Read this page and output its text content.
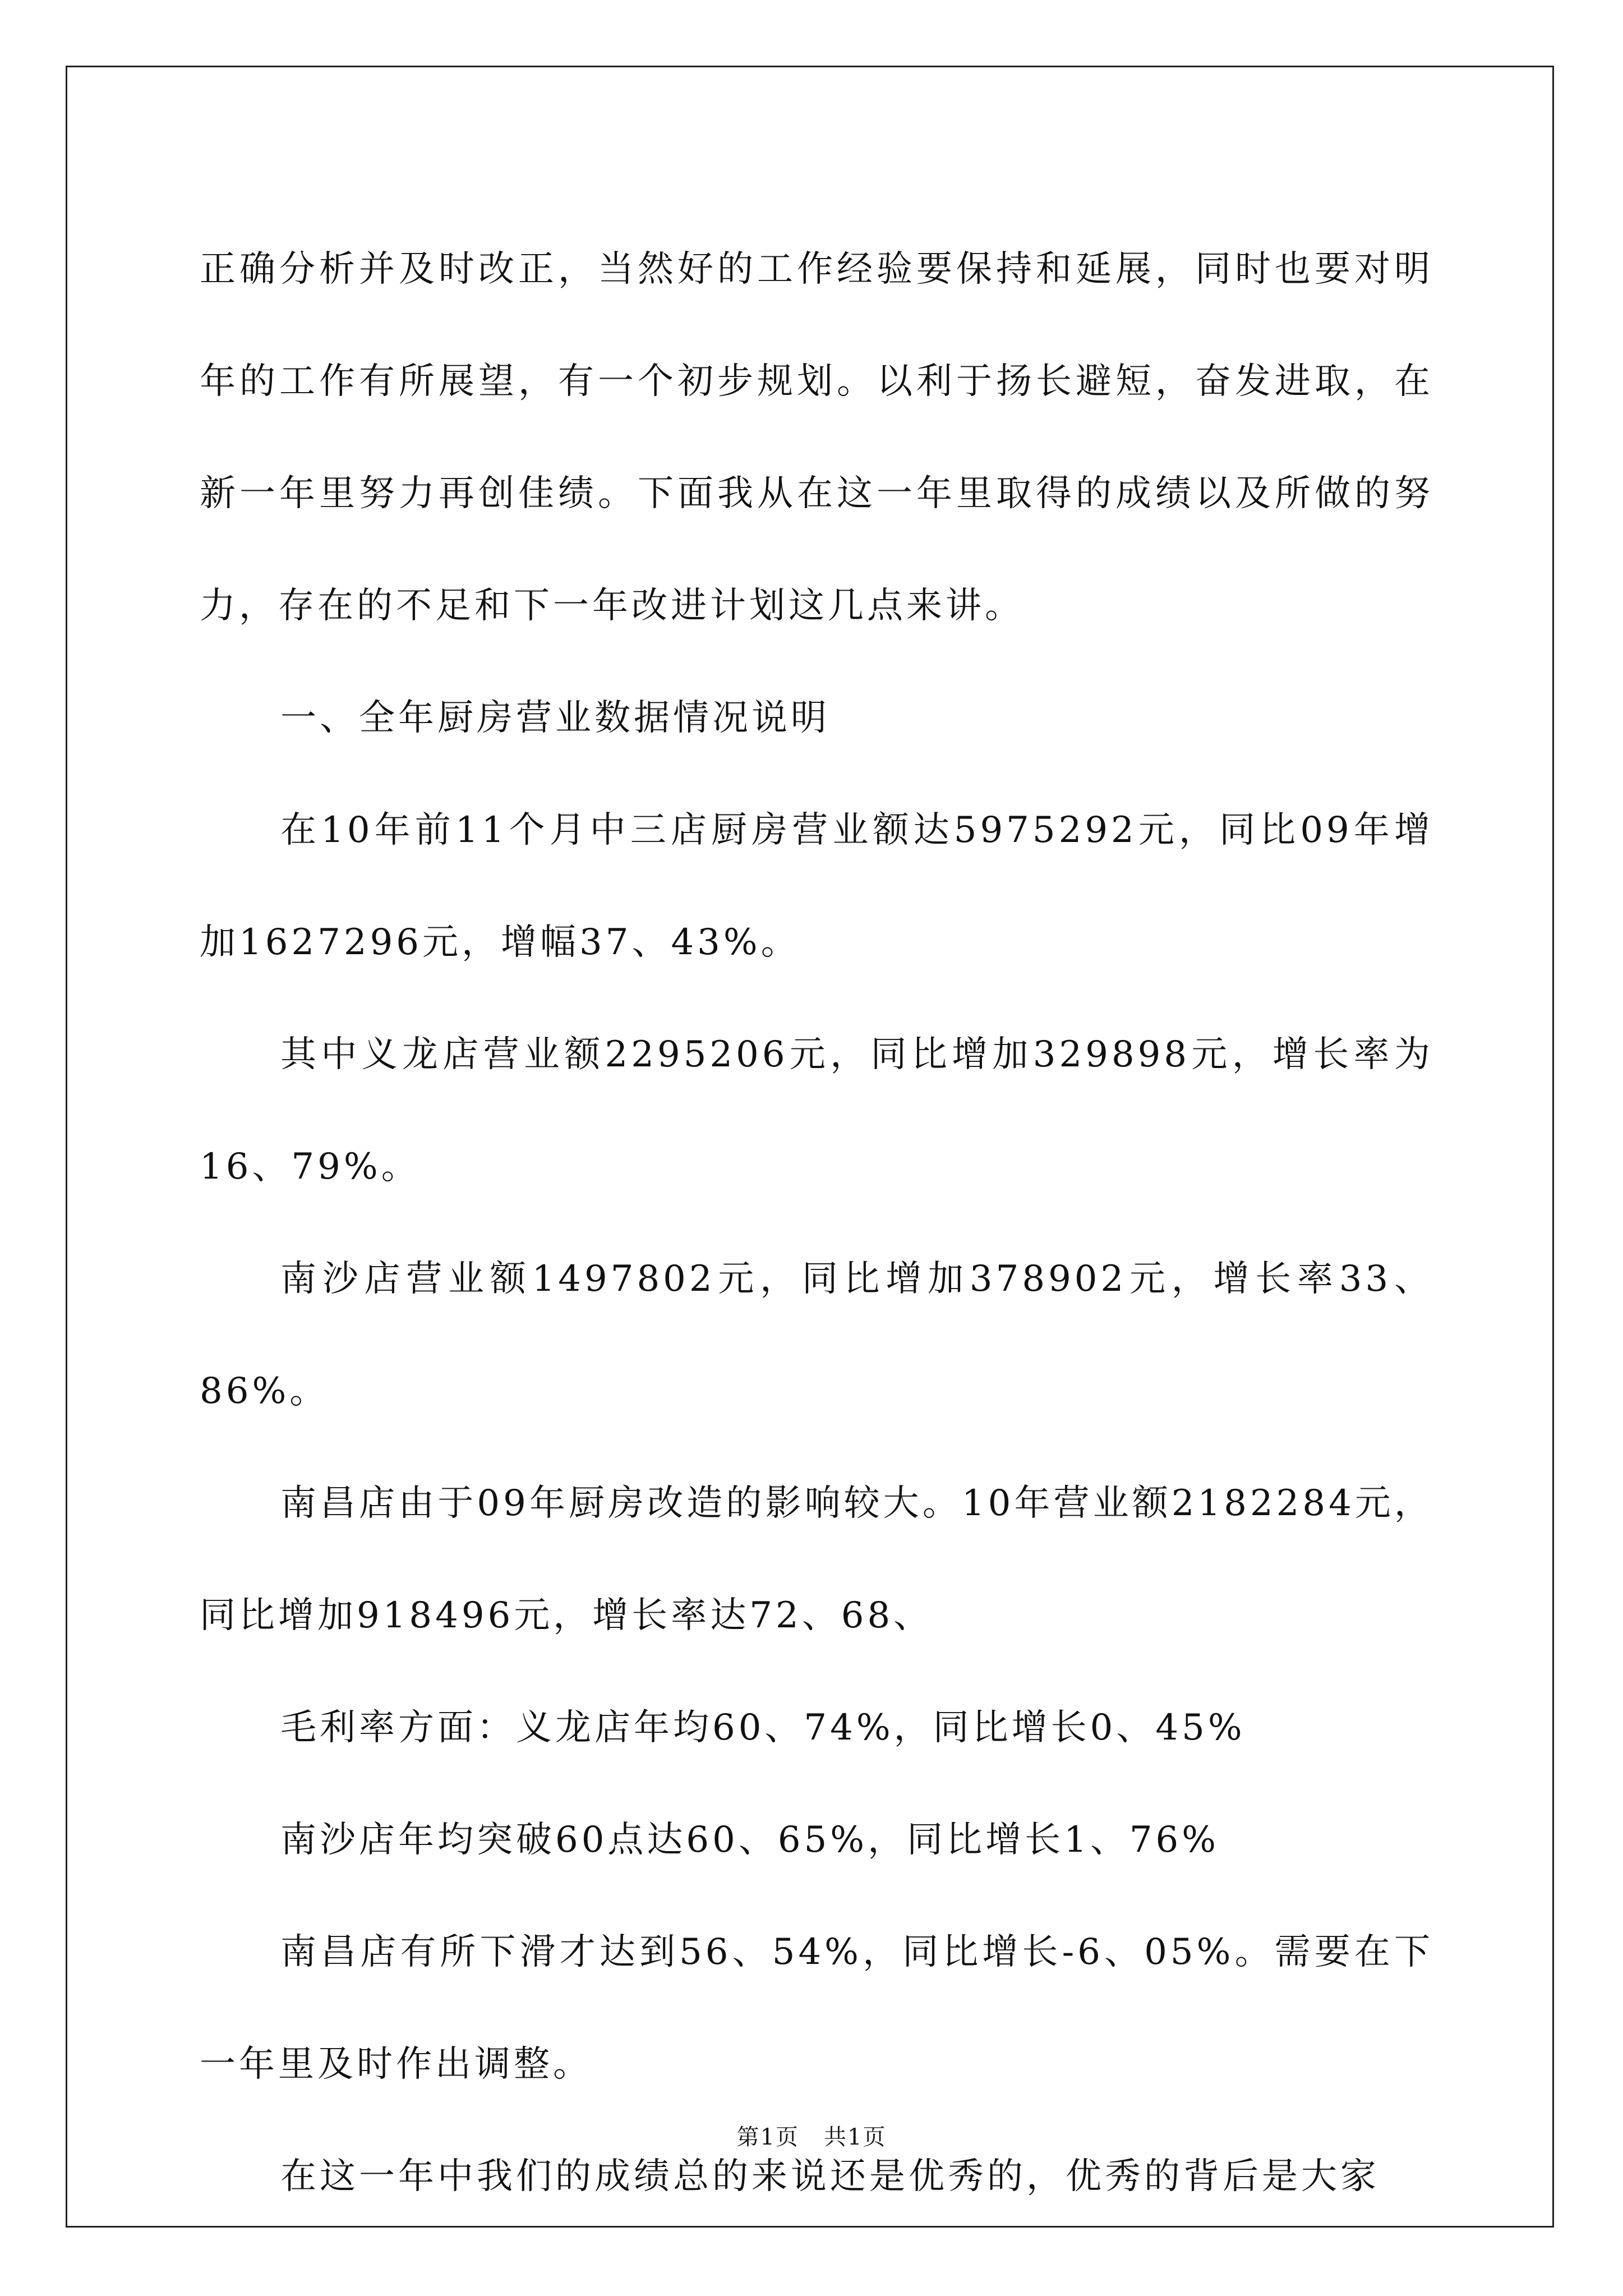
正确分析并及时改正，当然好的工作经验要保持和延展，同时也要对明年的工作有所展望，有一个初步规划。以利于扬长避短，奋发进取，在新一年里努力再创佳绩。下面我从在这一年里取得的成绩以及所做的努力，存在的不足和下一年改进计划这几点来讲。

一、全年厨房营业数据情况说明

在10年前11个月中三店厨房营业额达5975292元，同比09年增加1627296元，增幅37、43%。

其中义龙店营业额2295206元，同比增加329898元，增长率为16、79%。

南沙店营业额1497802元，同比增加378902元，增长率33、86%。

南昌店由于09年厨房改造的影响较大。10年营业额2182284元，同比增加918496元，增长率达72、68、

毛利率方面：义龙店年均60、74%，同比增长0、45%

南沙店年均突破60点达60、65%，同比增长1、76%

南昌店有所下滑才达到56、54%，同比增长-6、05%。需要在下一年里及时作出调整。

在这一年中我们的成绩总的来说还是优秀的，优秀的背后是大家

第1页 共1页
